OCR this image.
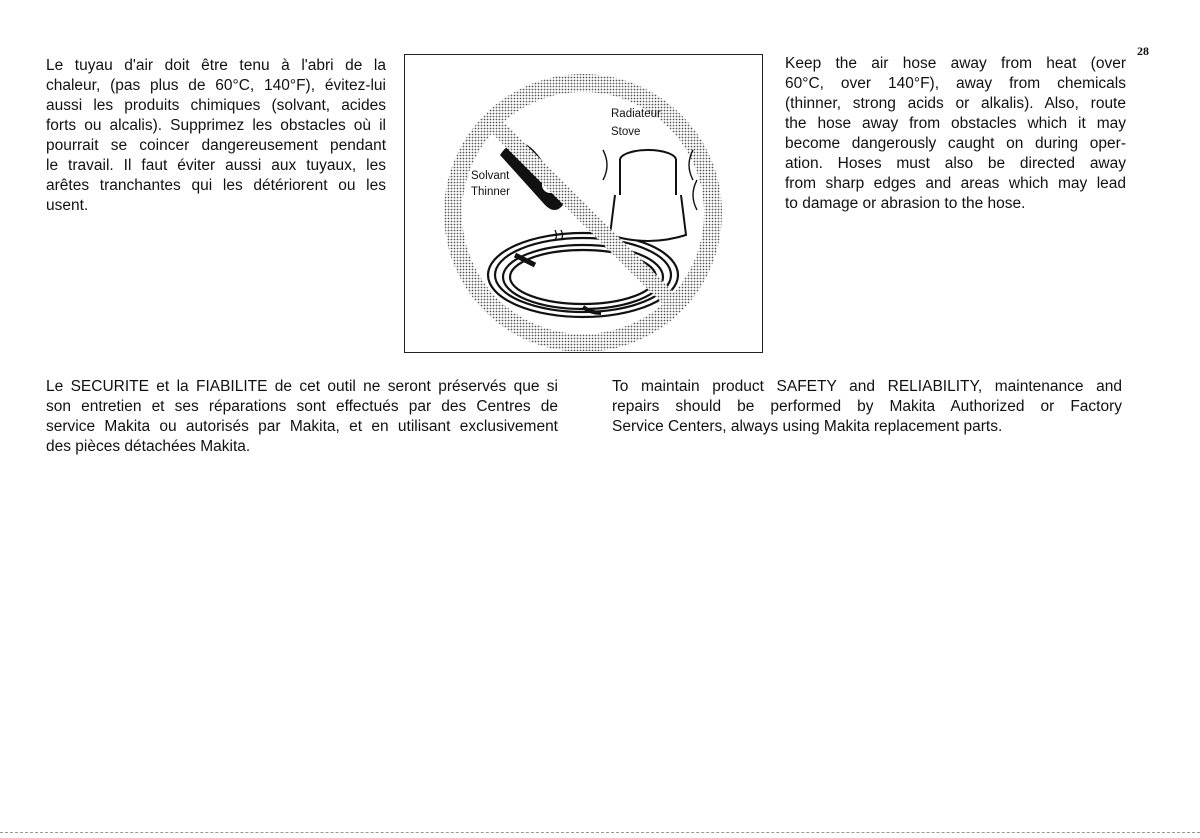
28
Le tuyau d'air doit être tenu à l'abri de la
chaleur, (pas plus de 60°C, 140°F), évitez-lui
aussi les produits chimiques (solvant, acides
forts ou alcalis). Supprimez les obstacles où il
pourrait se coincer dangereusement pendant
le travail. Il faut éviter aussi aux tuyaux, les
arêtes tranchantes qui les détériorent ou les
usent.
Radiateur
Stove
Solvant
Thinner
Keep the air hose away from heat (over
60°C, over 140°F), away from chemicals
(thinner, strong acids or alkalis). Also, route
the hose away from obstacles which it may
become dangerously caught on during oper-
ation. Hoses must also be directed away
from sharp edges and areas which may lead
to damage or abrasion to the hose.
Le SECURITE et la FIABILITE de cet outil ne seront préservés que si
son entretien et ses réparations sont effectués par des Centres de
service Makita ou autorisés par Makita, et en utilisant exclusivement
des pièces détachées Makita.
To maintain product SAFETY and RELIABILITY, maintenance and
repairs should be performed by Makita Authorized or Factory
Service Centers, always using Makita replacement parts.
